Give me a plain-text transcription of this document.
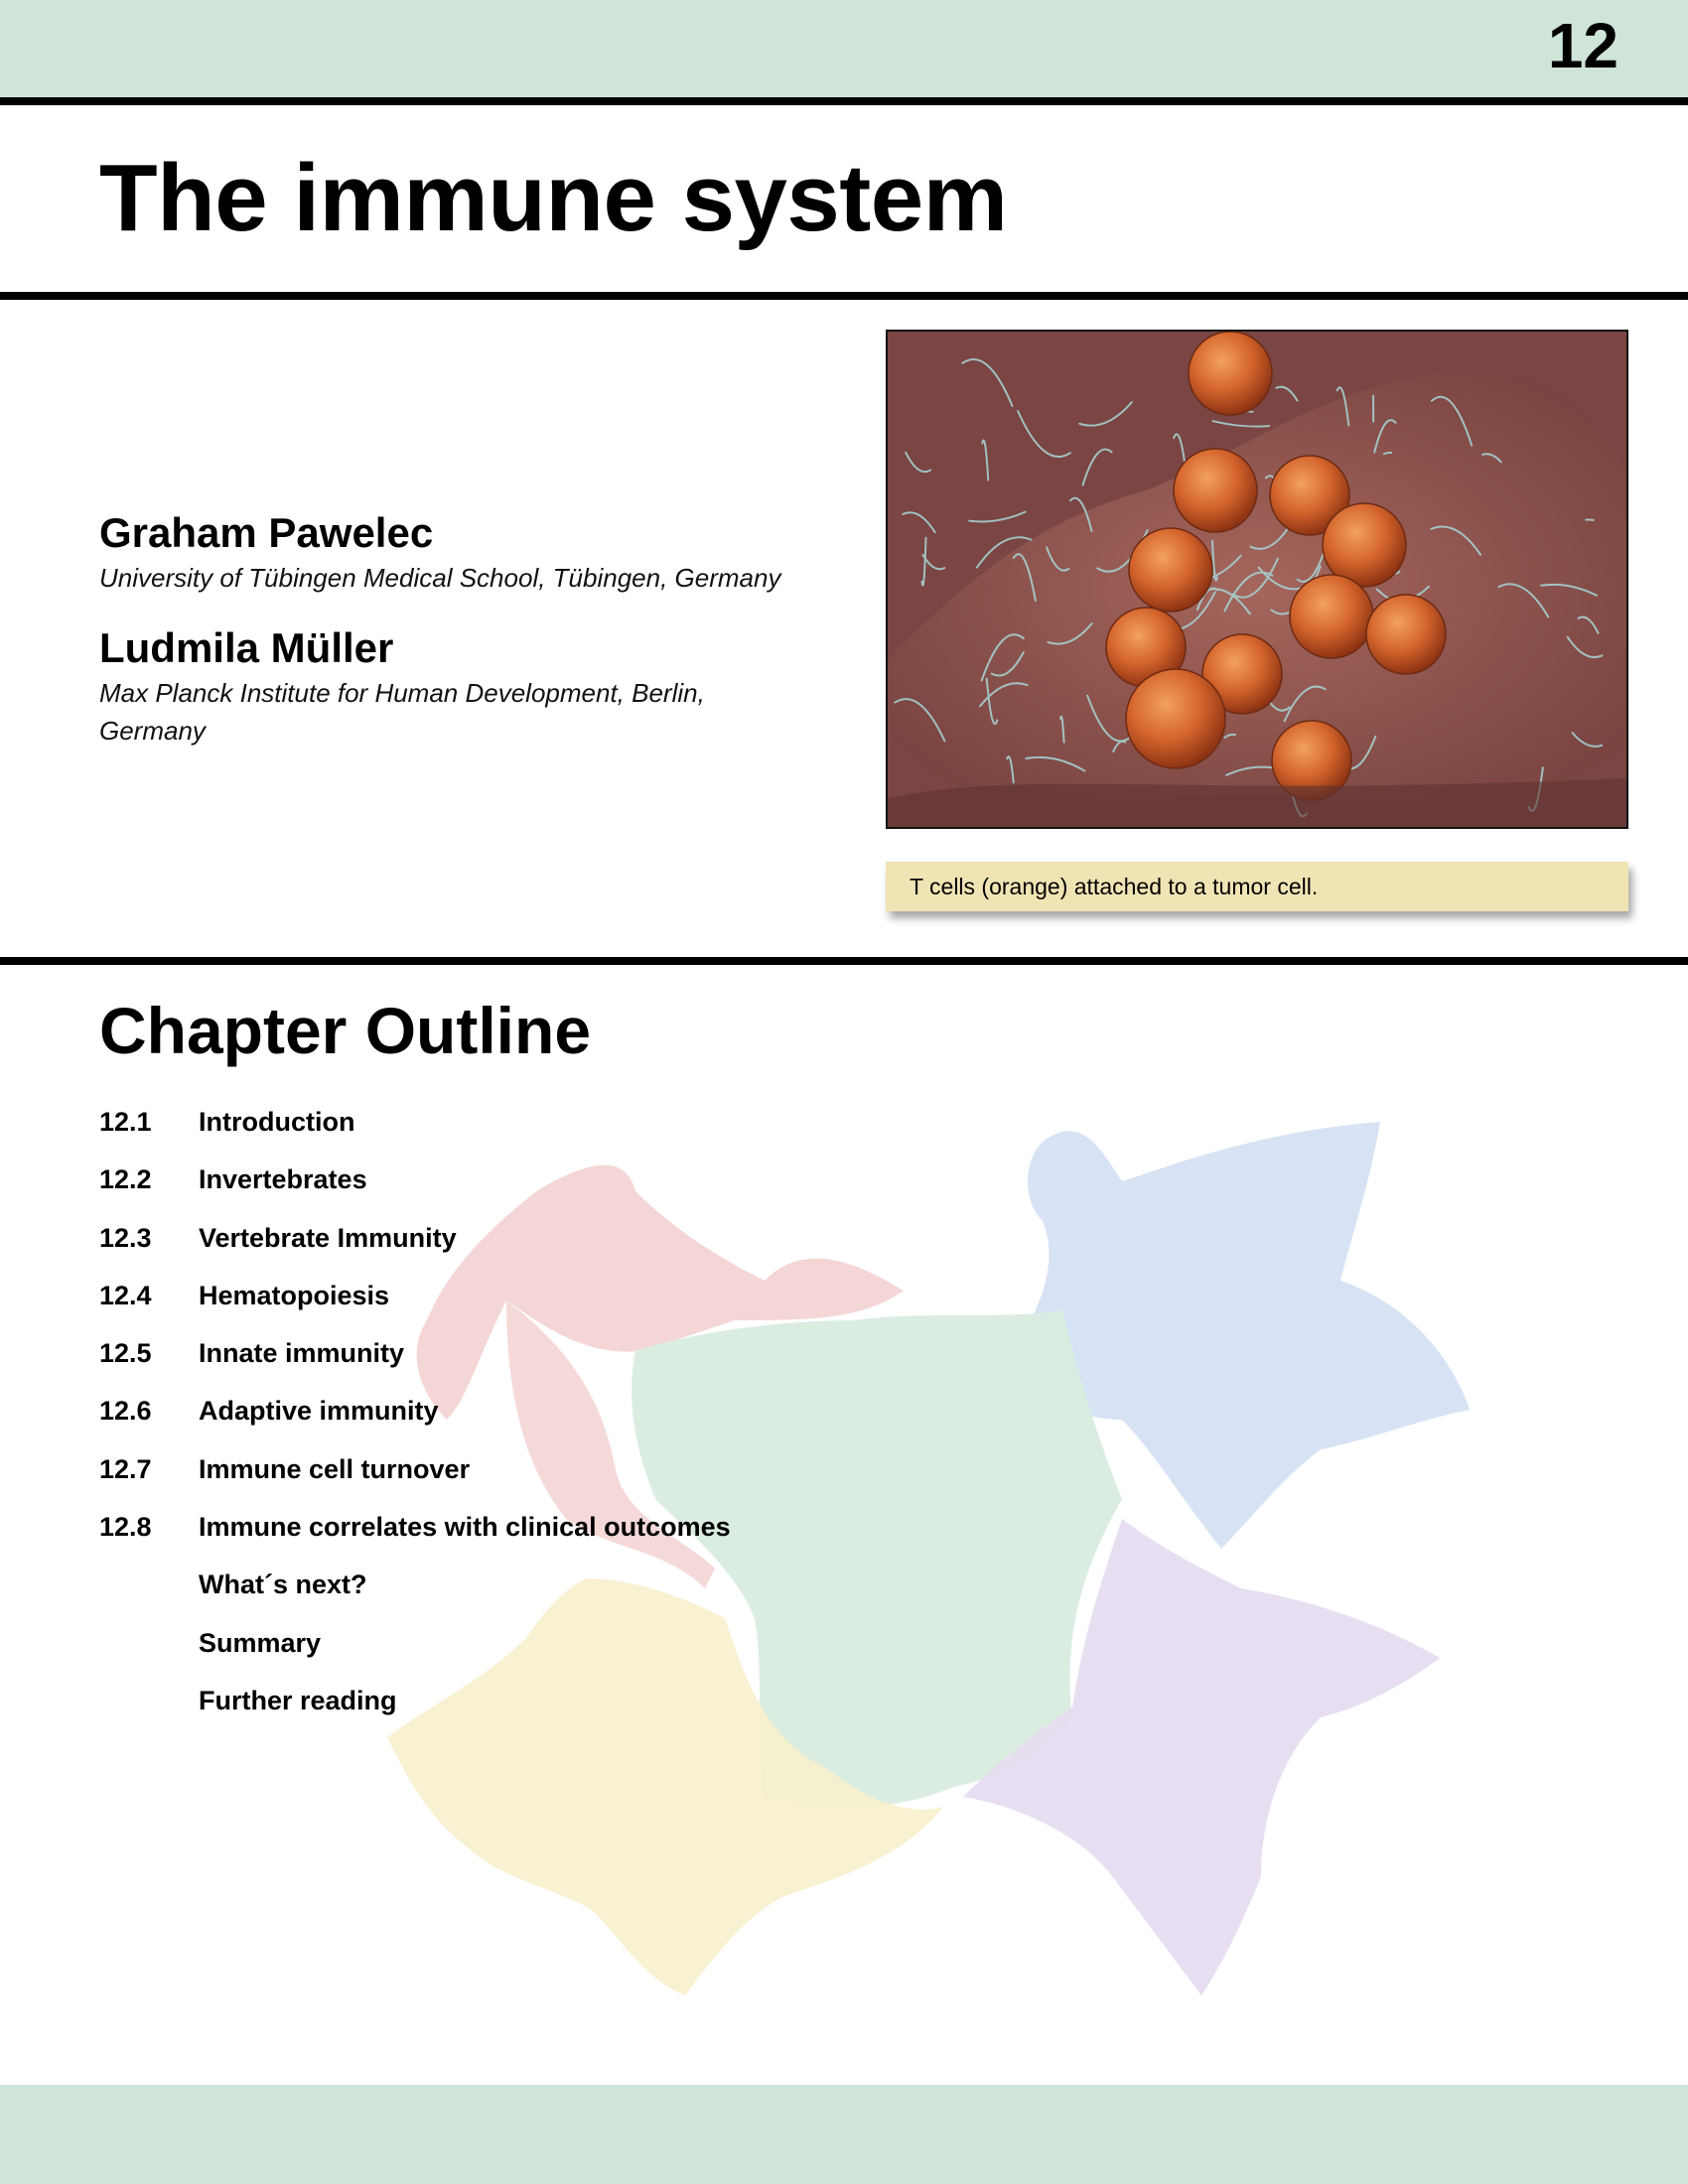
12
The immune system
Graham Pawelec
University of Tübingen Medical School, Tübingen, Germany
Ludmila Müller
Max Planck Institute for Human Development, Berlin, Germany
T cells (orange) attached to a tumor cell.
Chapter Outline
12.1	Introduction
12.2	Invertebrates
12.3	Vertebrate Immunity
12.4	Hematopoiesis
12.5	Innate immunity
12.6	Adaptive immunity
12.7	Immune cell turnover
12.8	Immune correlates with clinical outcomes
What´s next?
Summary
Further reading
